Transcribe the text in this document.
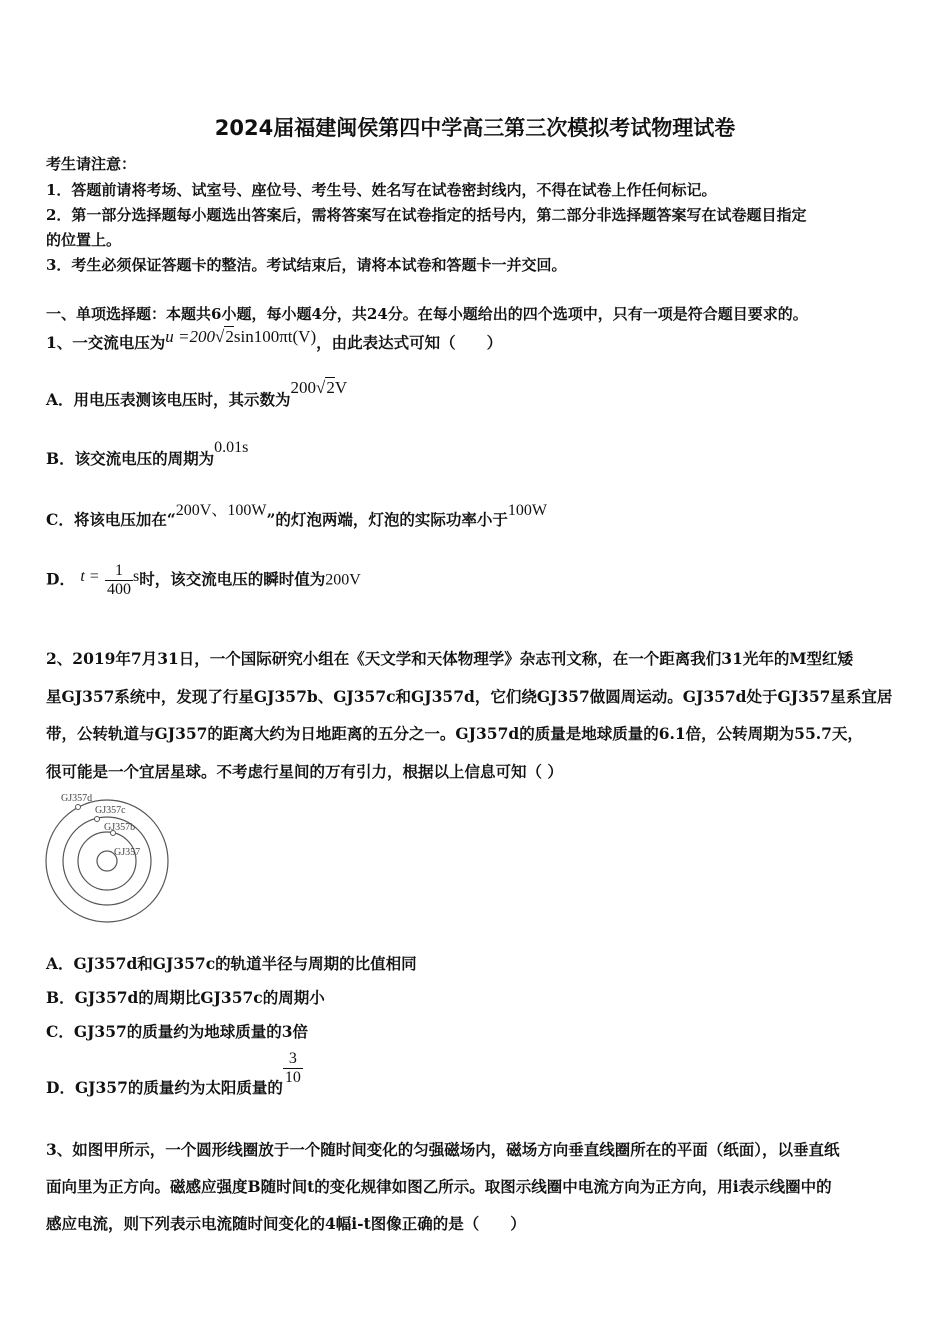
2024届福建闽侯第四中学高三第三次模拟考试物理试卷
考生请注意：
1．答题前请将考场、试室号、座位号、考生号、姓名写在试卷密封线内，不得在试卷上作任何标记。
2．第一部分选择题每小题选出答案后，需将答案写在试卷指定的括号内，第二部分非选择题答案写在试卷题目指定
的位置上。
3．考生必须保证答题卡的整洁。考试结束后，请将本试卷和答题卡一并交回。
一、单项选择题：本题共6小题，每小题4分，共24分。在每小题给出的四个选项中，只有一项是符合题目要求的。
1、一交流电压为u =200√2sin100πt(V)，由此表达式可知（　　）
A．用电压表测该电压时，其示数为200√2V
B．该交流电压的周期为0.01s
C．将该电压加在“200V、100W”的灯泡两端，灯泡的实际功率小于100W
D． $t = \frac{1}{400}$ s时，该交流电压的瞬时值为200V
2、2019年7月31日，一个国际研究小组在《天文学和天体物理学》杂志刊文称，在一个距离我们31光年的M型红矮
星GJ357系统中，发现了行星GJ357b、GJ357c和GJ357d，它们绕GJ357做圆周运动。GJ357d处于GJ357星系宜居
带，公转轨道与GJ357的距离大约为日地距离的五分之一。GJ357d的质量是地球质量的6.1倍，公转周期为55.7天，
很可能是一个宜居星球。不考虑行星间的万有引力，根据以上信息可知（ ）
GJ357d
GJ357c
GJ357b
GJ357
A．GJ357d和GJ357c的轨道半径与周期的比值相同
B．GJ357d的周期比GJ357c的周期小
C．GJ357的质量约为地球质量的3倍
D．GJ357的质量约为太阳质量的 $\frac{3}{10}$
3、如图甲所示，一个圆形线圈放于一个随时间变化的匀强磁场内，磁场方向垂直线圈所在的平面（纸面），以垂直纸
面向里为正方向。磁感应强度B随时间t的变化规律如图乙所示。取图示线圈中电流方向为正方向，用i表示线圈中的
感应电流，则下列表示电流随时间变化的4幅i-t图像正确的是（　　）
